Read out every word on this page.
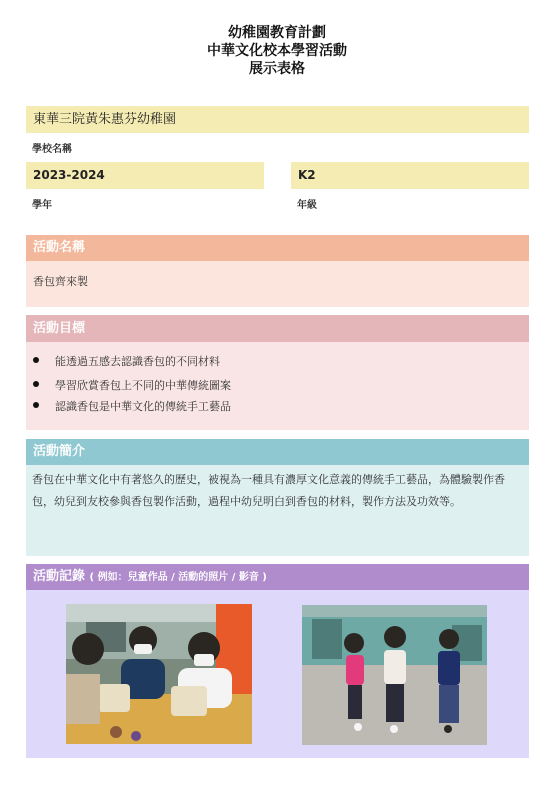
幼稚園教育計劃
中華文化校本學習活動
展示表格
東華三院黃朱惠芬幼稚園
學校名稱
2023-2024
學年
K2
年級
活動名稱
香包齊來製
活動目標
能透過五感去認識香包的不同材料
學習欣賞香包上不同的中華傳統圖案
認識香包是中華文化的傳統手工藝品
活動簡介
香包在中華文化中有著悠久的歷史，被視為一種具有濃厚文化意義的傳統手工藝品，為體驗製作香包，幼兒到友校參與香包製作活動，過程中幼兒明白到香包的材料，製作方法及功效等。
活動記錄 ( 例如：兒童作品 / 活動的照片 / 影音 )
